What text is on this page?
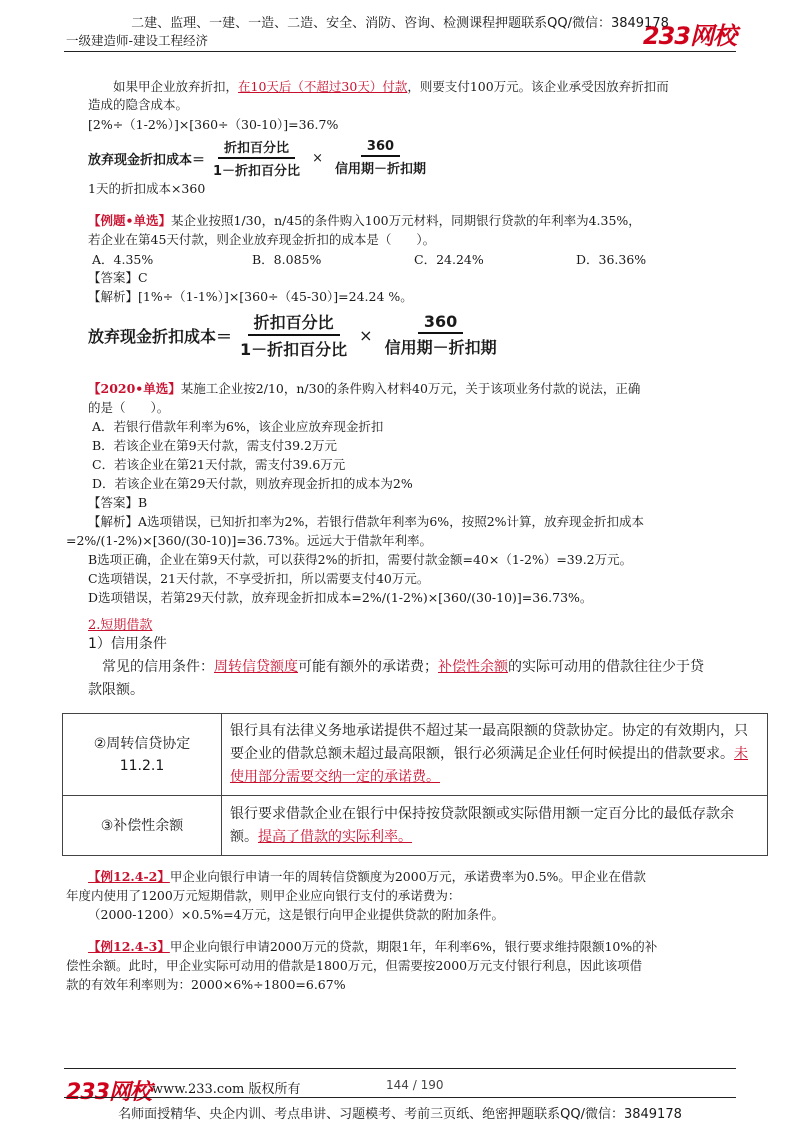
二建、监理、一建、一造、二造、安全、消防、咨询、检测课程押题联系QQ/微信：3849178
一级建造师-建设工程经济	233网校
如果甲企业放弃折扣，在10天后（不超过30天）付款，则要支付100万元。该企业承受因放弃折扣而
造成的隐含成本。
[2%÷（1-2%）]×[360÷（30-10）]=36.7%
放弃现金折扣成本＝ $\frac{\text{折扣百分比}}{\text{1－折扣百分比}} \times \frac{360}{\text{信用期－折扣期}}$
1天的折扣成本×360
【例题•单选】某企业按照1/30，n/45的条件购入100万元材料，同期银行贷款的年利率为4.35%，
若企业在第45天付款，则企业放弃现金折扣的成本是（　　）。
A．4.35%	B．8.085%	C．24.24%	D．36.36%
【答案】C
【解析】[1%÷（1-1%）]×[360÷（45-30）]=24.24 %。
放弃现金折扣成本＝ $\frac{\text{折扣百分比}}{\text{1－折扣百分比}} \times \frac{360}{\text{信用期－折扣期}}$
【2020•单选】某施工企业按2/10，n/30的条件购入材料40万元，关于该项业务付款的说法，正确
的是（　　）。
A．若银行借款年利率为6%，该企业应放弃现金折扣
B．若该企业在第9天付款，需支付39.2万元
C．若该企业在第21天付款，需支付39.6万元
D．若该企业在第29天付款，则放弃现金折扣的成本为2%
【答案】B
【解析】A选项错误，已知折扣率为2%，若银行借款年利率为6%，按照2%计算，放弃现金折扣成本
=2%/(1-2%)×[360/(30-10)]=36.73%。远远大于借款年利率。
B选项正确，企业在第9天付款，可以获得2%的折扣，需要付款金额=40×（1-2%）=39.2万元。
C选项错误，21天付款，不享受折扣，所以需要支付40万元。
D选项错误，若第29天付款，放弃现金折扣成本=2%/(1-2%)×[360/(30-10)]=36.73%。
2.短期借款
1）信用条件
常见的信用条件：周转信贷额度可能有额外的承诺费；补偿性余额的实际可动用的借款往往少于贷
款限额。
②周转信贷协定
11.2.1	银行具有法律义务地承诺提供不超过某一最高限额的贷款协定。协定的有效期内，只要企业的借款总额未超过最高限额，银行必须满足企业任何时候提出的借款要求。未使用部分需要交纳一定的承诺费。

③补偿性余额	银行要求借款企业在银行中保持按贷款限额或实际借用额一定百分比的最低存款余额。提高了借款的实际利率。
【例12.4-2】甲企业向银行申请一年的周转信贷额度为2000万元，承诺费率为0.5%。甲企业在借款
年度内使用了1200万元短期借款，则甲企业应向银行支付的承诺费为：
（2000-1200）×0.5%=4万元，这是银行向甲企业提供贷款的附加条件。
【例12.4-3】甲企业向银行申请2000万元的贷款，期限1年，年利率6%，银行要求维持限额10%的补
偿性余额。此时，甲企业实际可动用的借款是1800万元，但需要按2000万元支付银行利息，因此该项借
款的有效年利率则为：2000×6%÷1800=6.67%
233网校 www.233.com 版权所有	144 / 190
名师面授精华、央企内训、考点串讲、习题模考、考前三页纸、绝密押题联系QQ/微信：3849178
